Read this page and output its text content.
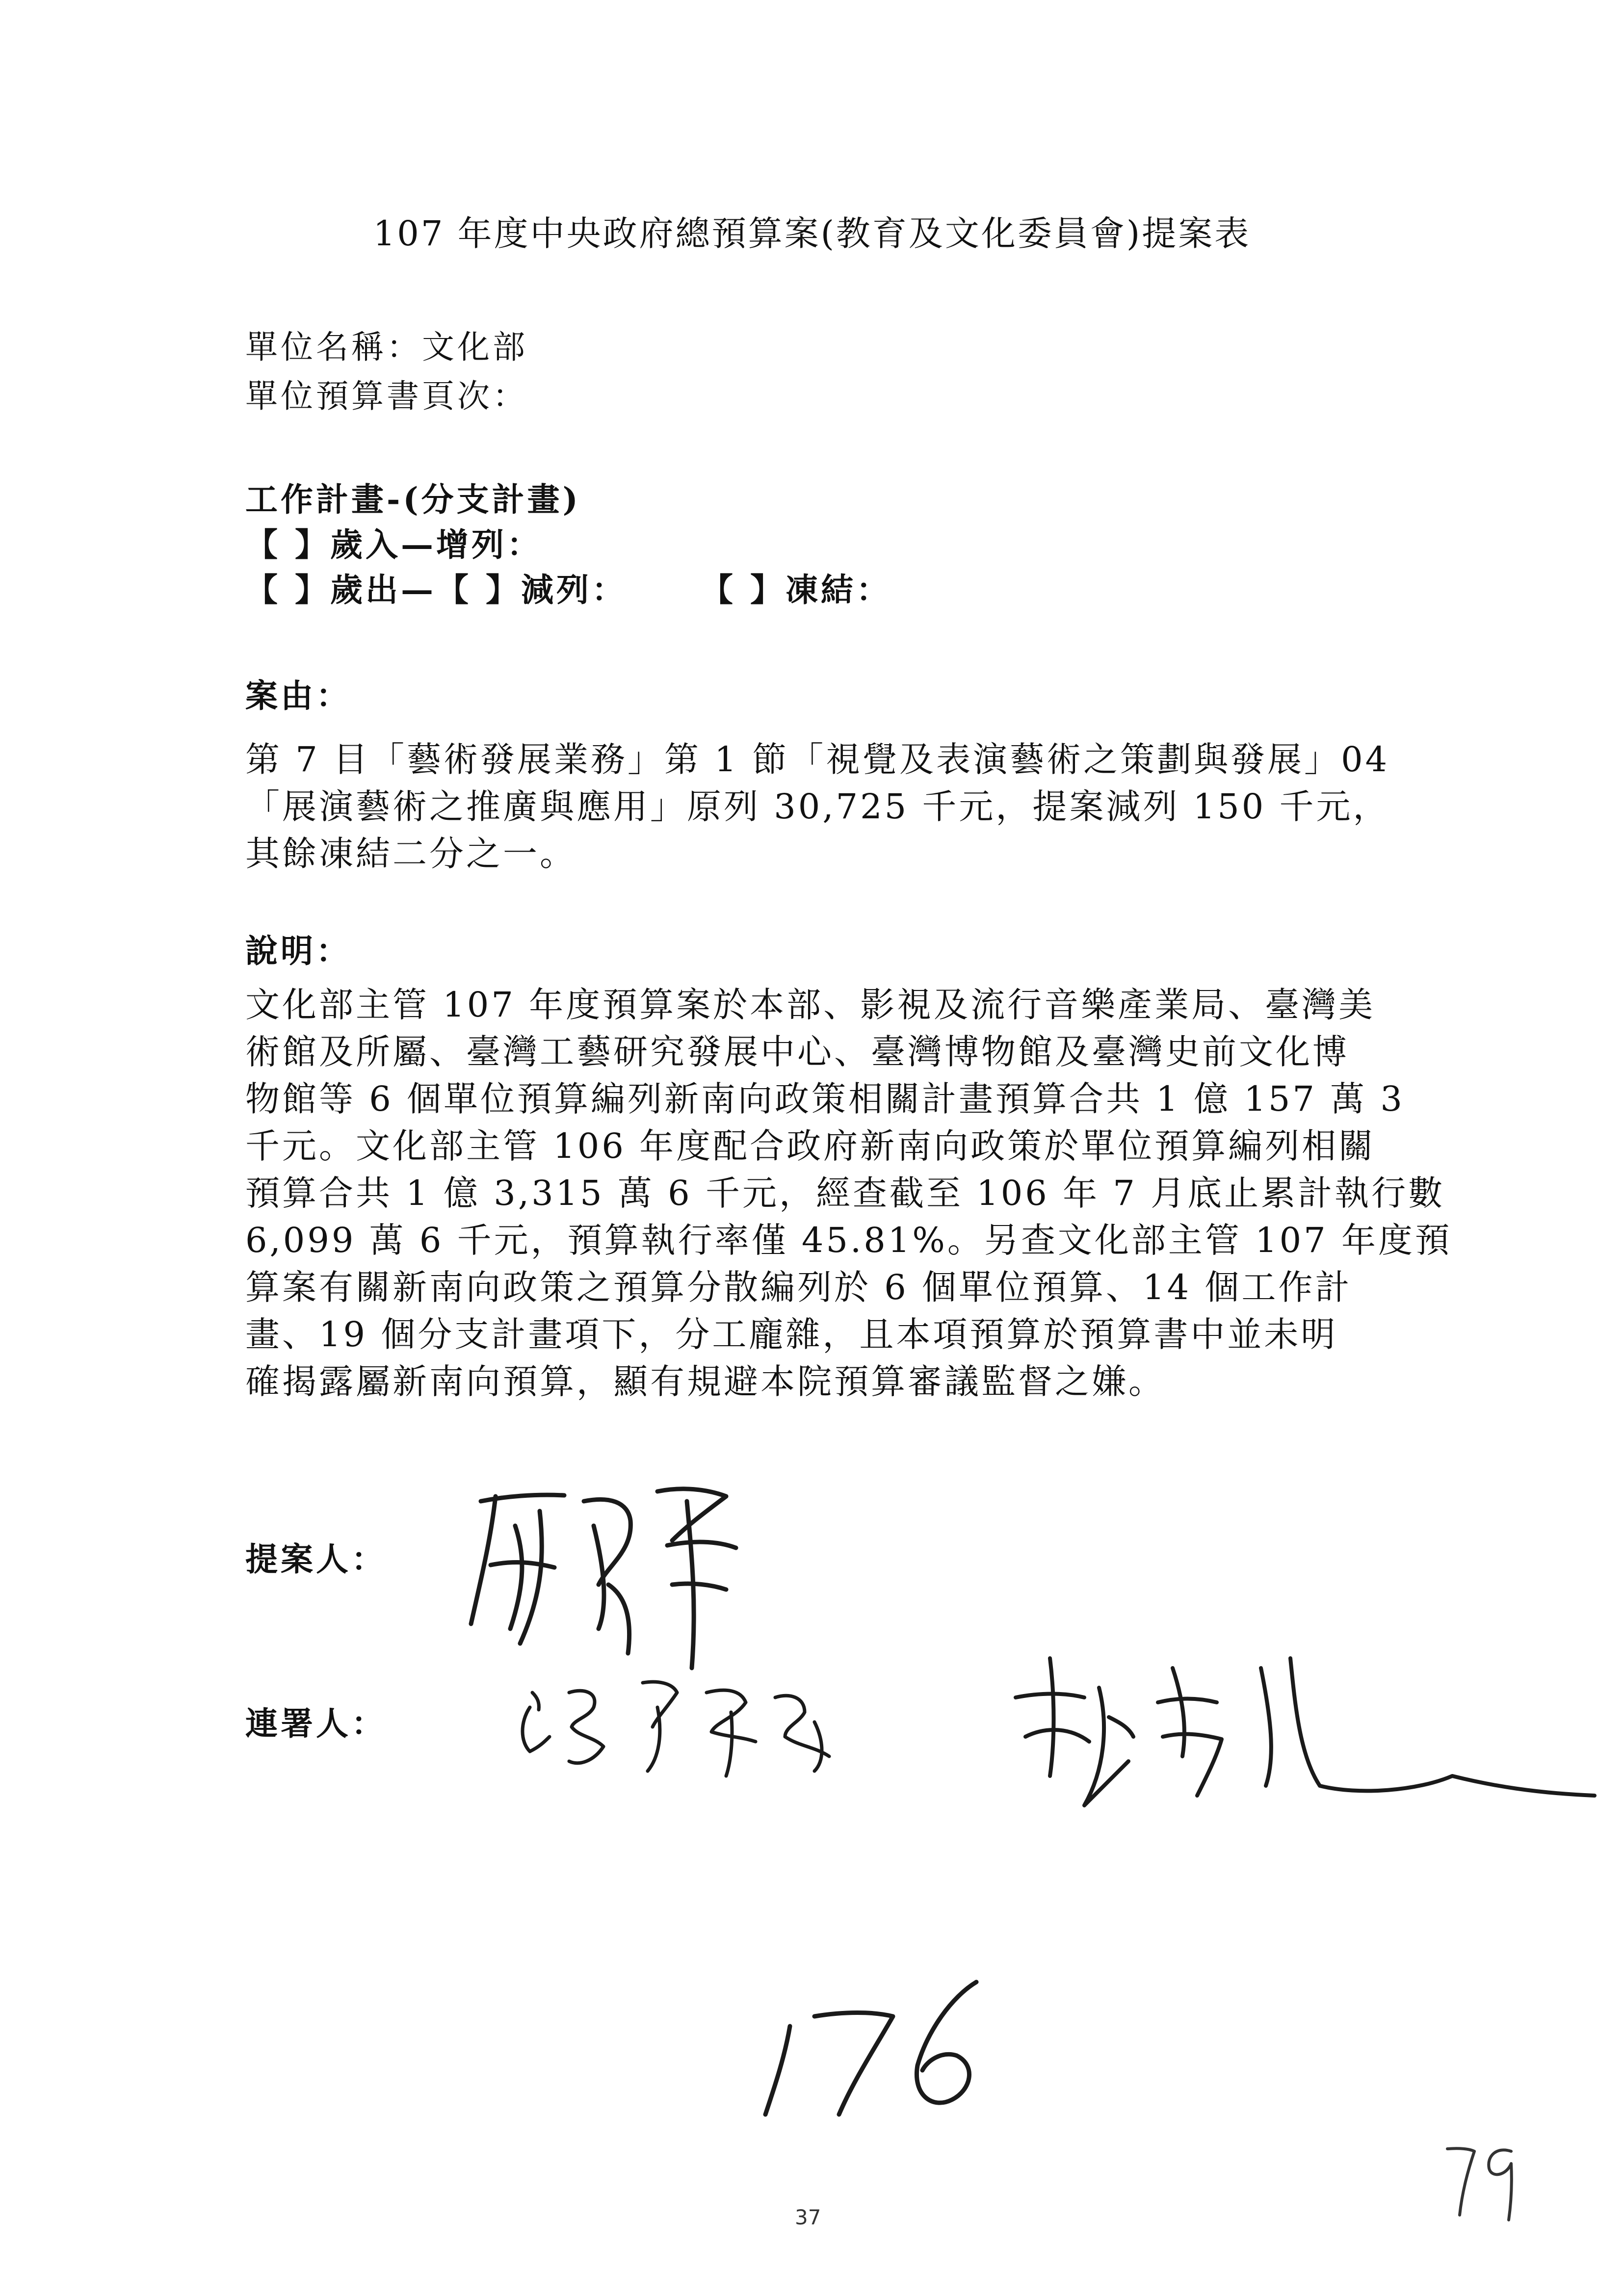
107 年度中央政府總預算案(教育及文化委員會)提案表
單位名稱：文化部
單位預算書頁次：
工作計畫-(分支計畫)
【 】歲入—增列：
【 】歲出—【 】減列： 【 】凍結：
案由：
第 7 目「藝術發展業務」第 1 節「視覺及表演藝術之策劃與發展」04
「展演藝術之推廣與應用」原列 30,725 千元，提案減列 150 千元，
其餘凍結二分之一。
說明：
文化部主管 107 年度預算案於本部、影視及流行音樂產業局、臺灣美
術館及所屬、臺灣工藝研究發展中心、臺灣博物館及臺灣史前文化博
物館等 6 個單位預算編列新南向政策相關計畫預算合共 1 億 157 萬 3
千元。文化部主管 106 年度配合政府新南向政策於單位預算編列相關
預算合共 1 億 3,315 萬 6 千元，經查截至 106 年 7 月底止累計執行數
6,099 萬 6 千元，預算執行率僅 45.81%。另查文化部主管 107 年度預
算案有關新南向政策之預算分散編列於 6 個單位預算、14 個工作計
畫、19 個分支計畫項下，分工龐雜，且本項預算於預算書中並未明
確揭露屬新南向預算，顯有規避本院預算審議監督之嫌。
提案人：
連署人：
37
